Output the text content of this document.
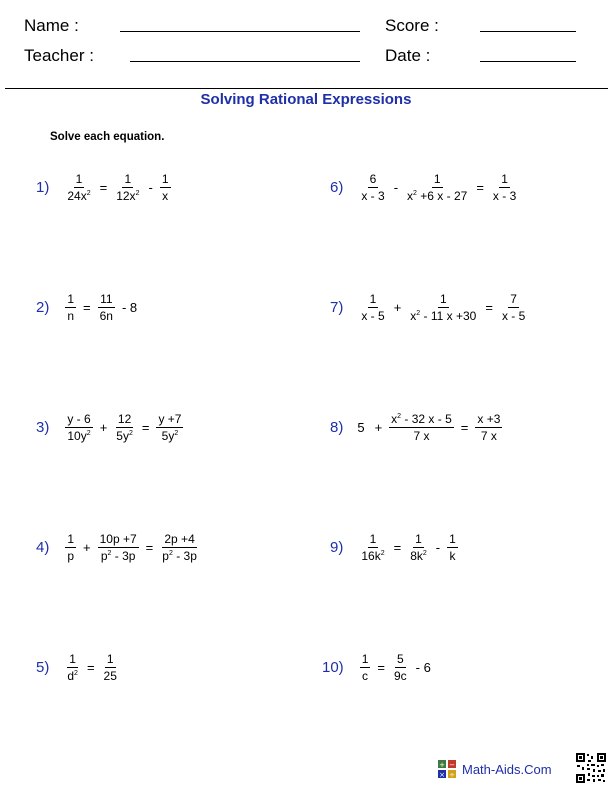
Name :
Teacher :
Score :
Date :
Solving Rational Expressions
Solve each equation.
$1) \frac{1}{24x^2} = \frac{1}{12x^2} - \frac{1}{x}$
$2) \frac{1}{n} = \frac{11}{6n} - 8$
$3) \frac{y - 6}{10y^2} + \frac{12}{5y^2} = \frac{y +7}{5y^2}$
$4) \frac{1}{p} + \frac{10p +7}{p^2 - 3p} = \frac{2p +4}{p^2 - 3p}$
$5) \frac{1}{d^2} = \frac{1}{25}$
$6) \frac{6}{x - 3} - \frac{1}{x^2 +6 x - 27} = \frac{1}{x - 3}$
$7) \frac{1}{x - 5} + \frac{1}{x^2 - 11 x +30} = \frac{7}{x - 5}$
8) $5 + \frac{x^2 - 32 x - 5}{7 x} = \frac{x +3}{7 x}$
$9) \frac{1}{16k^2} = \frac{1}{8k^2} - \frac{1}{k}$
$10) \frac{1}{c} = \frac{5}{9c} - 6$
+ −
× ÷ Math-Aids.Com
